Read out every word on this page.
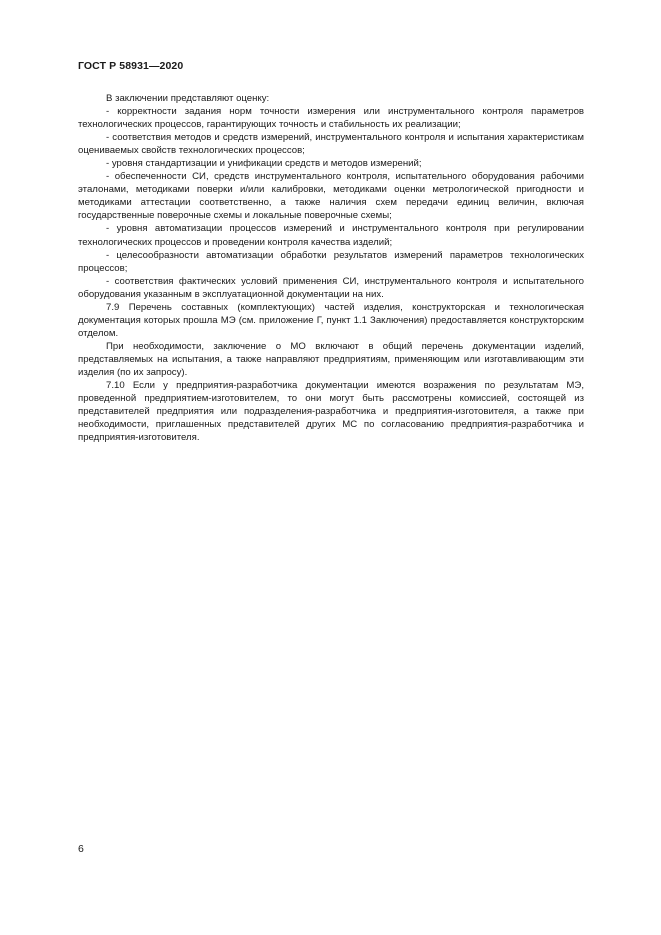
ГОСТ Р 58931—2020

В заключении представляют оценку:

- корректности задания норм точности измерения или инструментального контроля параметров технологических процессов, гарантирующих точность и стабильность их реализации;

- соответствия методов и средств измерений, инструментального контроля и испытания характеристикам оцениваемых свойств технологических процессов;

- уровня стандартизации и унификации средств и методов измерений;

- обеспеченности СИ, средств инструментального контроля, испытательного оборудования рабочими эталонами, методиками поверки и/или калибровки, методиками оценки метрологической пригодности и методиками аттестации соответственно, а также наличия схем передачи единиц величин, включая государственные поверочные схемы и локальные поверочные схемы;

- уровня автоматизации процессов измерений и инструментального контроля при регулировании технологических процессов и проведении контроля качества изделий;

- целесообразности автоматизации обработки результатов измерений параметров технологических процессов;

- соответствия фактических условий применения СИ, инструментального контроля и испытательного оборудования указанным в эксплуатационной документации на них.

7.9 Перечень составных (комплектующих) частей изделия, конструкторская и технологическая документация которых прошла МЭ (см. приложение Г, пункт 1.1 Заключения) предоставляется конструкторским отделом.

При необходимости, заключение о МО включают в общий перечень документации изделий, представляемых на испытания, а также направляют предприятиям, применяющим или изготавливающим эти изделия (по их запросу).

7.10 Если у предприятия-разработчика документации имеются возражения по результатам МЭ, проведенной предприятием-изготовителем, то они могут быть рассмотрены комиссией, состоящей из представителей предприятия или подразделения-разработчика и предприятия-изготовителя, а также при необходимости, приглашенных представителей других МС по согласованию предприятия-разработчика и предприятия-изготовителя.

6
